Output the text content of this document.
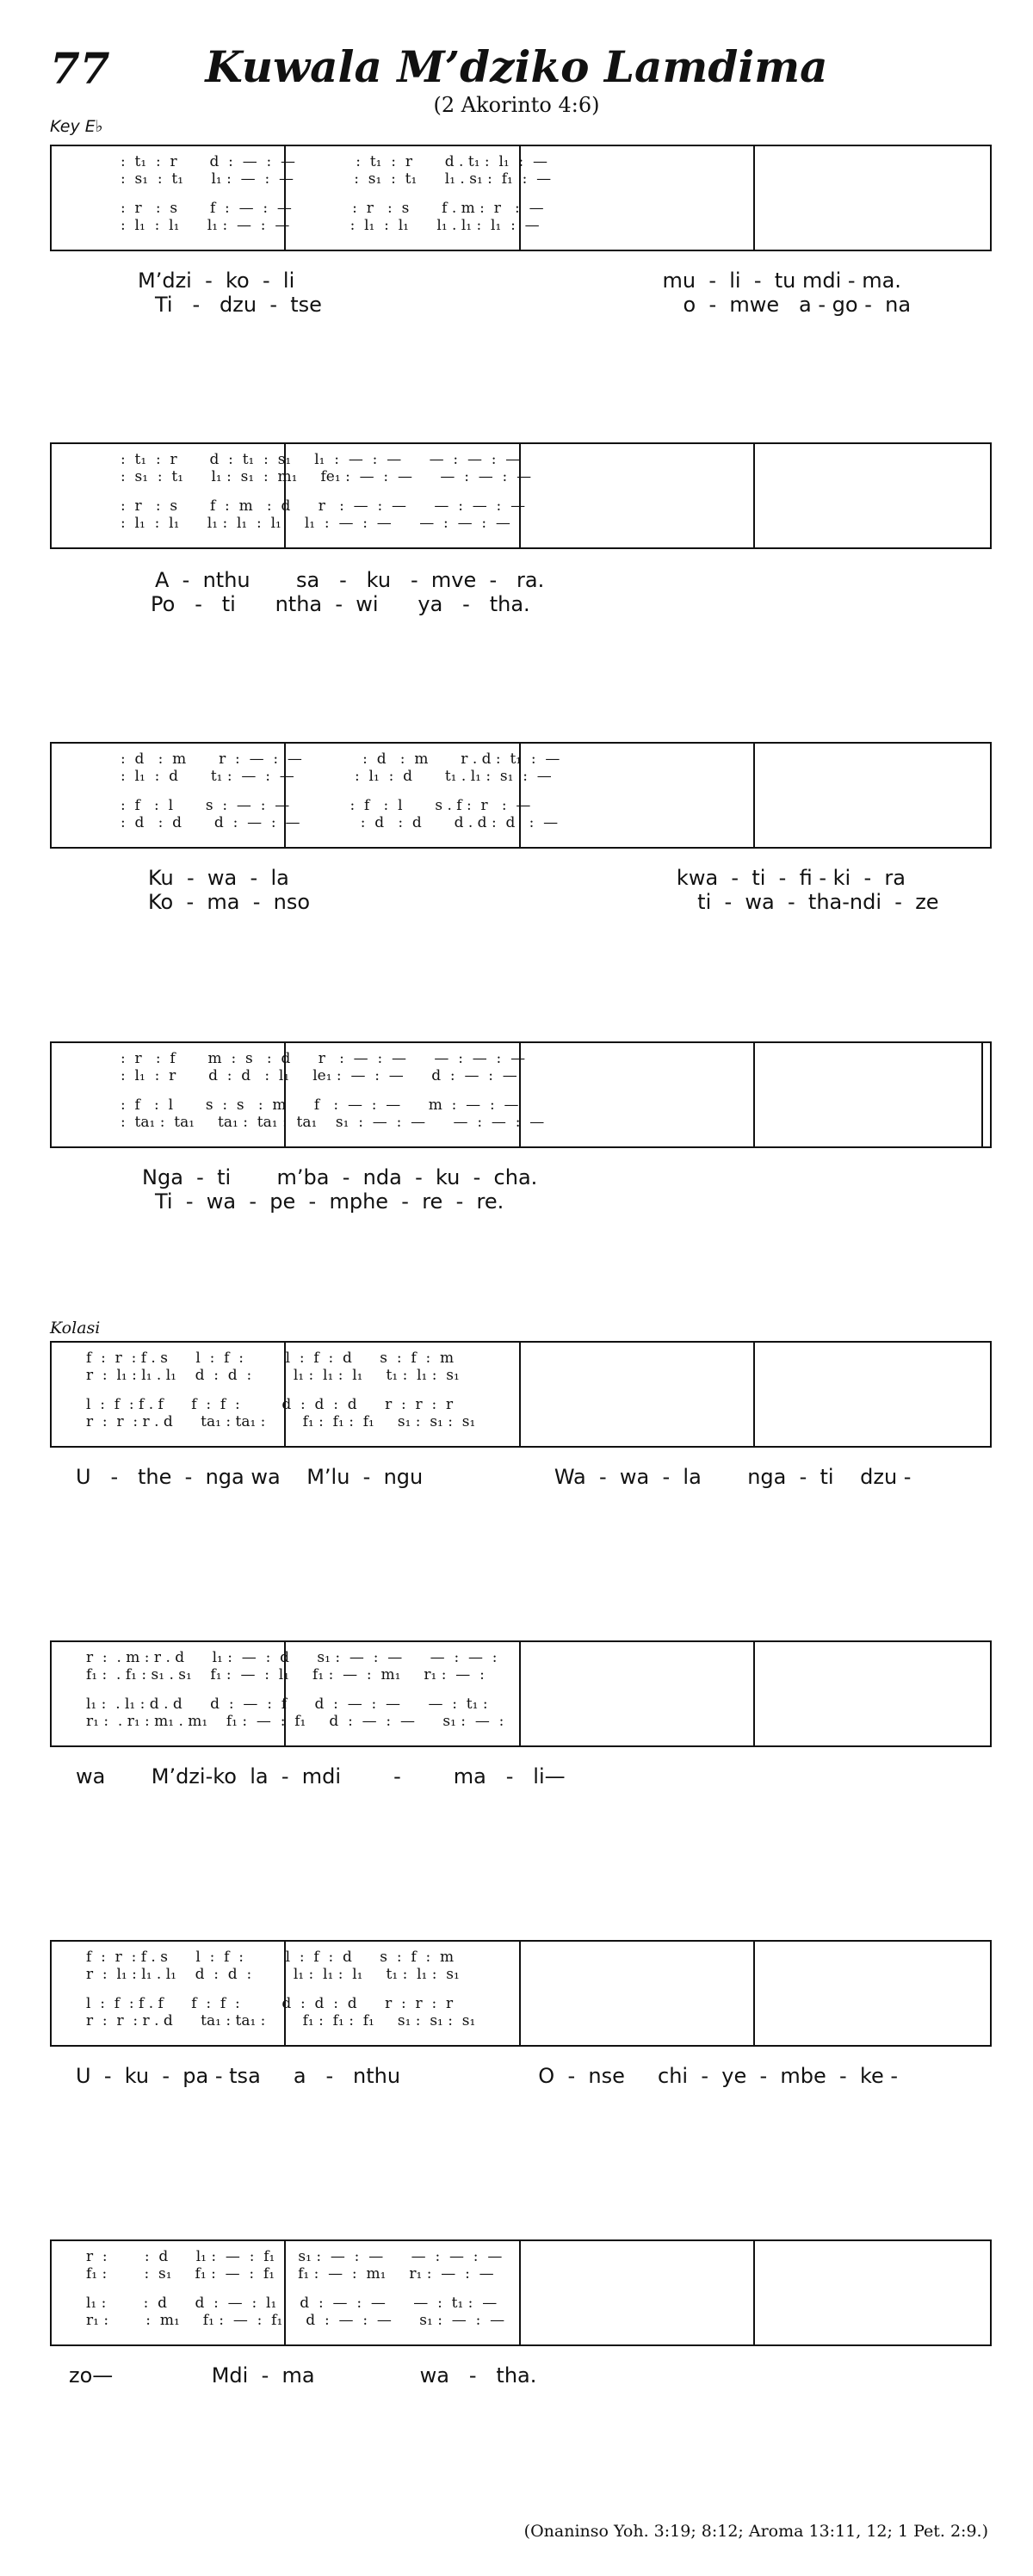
77	Kuwala M’dziko Lamdima
(2 Akorinto 4:6)
Key E♭
Kolasi
:  t₁  :  r       d  :  —  :  —             :  t₁  :  r       d . t₁ :  l₁  :  —
:  s₁  :  t₁      l₁ :  —  :  —             :  s₁  :  t₁      l₁ . s₁ :  f₁  :  —
:  r   :  s       f  :  —  :  —             :  r   :  s       f . m :  r   :  —
:  l₁  :  l₁      l₁ :  —  :  —             :  l₁  :  l₁      l₁ . l₁ :  l₁  :  —
M’dzi  -  ko  -  li                                                        mu  -  li  -  tu mdi - ma.
Ti   -   dzu  -  tse                                                       o  -  mwe   a - go -  na
:  t₁  :  r       d  :  t₁  :  s₁     l₁  :  —  :  —      —  :  —  :  —
:  s₁  :  t₁      l₁ :  s₁  :  m₁     fe₁ :  —  :  —      —  :  —  :  —
:  r   :  s       f  :  m   :  d      r   :  —  :  —      —  :  —  :  —
:  l₁  :  l₁      l₁ :  l₁  :  l₁     l₁  :  —  :  —      —  :  —  :  —
A  -  nthu       sa   -   ku   -  mve  -   ra.
Po   -   ti      ntha  -  wi      ya   -   tha.
:  d   :  m       r  :  —  :  —             :  d   :  m       r . d :  t₁  :  —
:  l₁  :  d       t₁ :  —  :  —             :  l₁  :  d       t₁ . l₁ :  s₁  :  —
:  f   :  l       s  :  —  :  —             :  f   :  l       s . f :  r   :  —
:  d   :  d       d  :  —  :  —             :  d   :  d       d . d :  d   :  —
Ku  -  wa  -  la                                                           kwa  -  ti  -  fi - ki  -  ra
Ko  -  ma  -  nso                                                           ti  -  wa  -  tha-ndi  -  ze
:  r   :  f       m  :  s   :  d      r   :  —  :  —      —  :  —  :  —
:  l₁  :  r       d  :  d   :  l₁     le₁ :  —  :  —      d  :  —  :  —
:  f   :  l       s  :  s   :  m      f   :  —  :  —      m  :  —  :  —
:  ta₁ :  ta₁     ta₁ :  ta₁ :  ta₁    s₁  :  —  :  —      —  :  —  :  —
Nga  -  ti       m’ba  -  nda  -  ku  -  cha.
Ti  -  wa  -  pe  -  mphe  -  re  -  re.
f  :  r  : f . s      l  :  f  :         l  :  f  :  d      s  :  f  :  m
r  :  l₁ : l₁ . l₁    d  :  d  :         l₁ :  l₁ :  l₁     t₁ :  l₁ :  s₁
l  :  f  : f . f      f  :  f  :         d  :  d  :  d      r  :  r  :  r
r  :  r  : r . d      ta₁ : ta₁ :        f₁ :  f₁ :  f₁     s₁ :  s₁ :  s₁
U   -   the  -  nga wa    M’lu  -  ngu                    Wa  -  wa  -  la       nga  -  ti    dzu -
r  :  . m : r . d      l₁ :  —  :  d      s₁ :  —  :  —      —  :  —  :
f₁ :  . f₁ : s₁ . s₁    f₁ :  —  :  l₁     f₁ :  —  :  m₁     r₁ :  —  :
l₁ :  . l₁ : d . d      d  :  —  :  f      d  :  —  :  —      —  :  t₁ :
r₁ :  . r₁ : m₁ . m₁    f₁ :  —  :  f₁     d  :  —  :  —      s₁ :  —  :
wa       M’dzi-ko  la  -  mdi        -        ma   -   li—
f  :  r  : f . s      l  :  f  :         l  :  f  :  d      s  :  f  :  m
r  :  l₁ : l₁ . l₁    d  :  d  :         l₁ :  l₁ :  l₁     t₁ :  l₁ :  s₁
l  :  f  : f . f      f  :  f  :         d  :  d  :  d      r  :  r  :  r
r  :  r  : r . d      ta₁ : ta₁ :        f₁ :  f₁ :  f₁     s₁ :  s₁ :  s₁
U  -  ku  -  pa - tsa     a   -   nthu                     O  -  nse     chi  -  ye  -  mbe  -  ke -
r  :        :  d      l₁ :  —  :  f₁     s₁ :  —  :  —      —  :  —  :  —
f₁ :        :  s₁     f₁ :  —  :  f₁     f₁ :  —  :  m₁     r₁ :  —  :  —
l₁ :        :  d      d  :  —  :  l₁     d  :  —  :  —      —  :  t₁ :  —
r₁ :        :  m₁     f₁ :  —  :  f₁     d  :  —  :  —      s₁ :  —  :  —
zo—               Mdi  -  ma                wa   -   tha.
(Onaninso Yoh. 3:19; 8:12; Aroma 13:11, 12; 1 Pet. 2:9.)
